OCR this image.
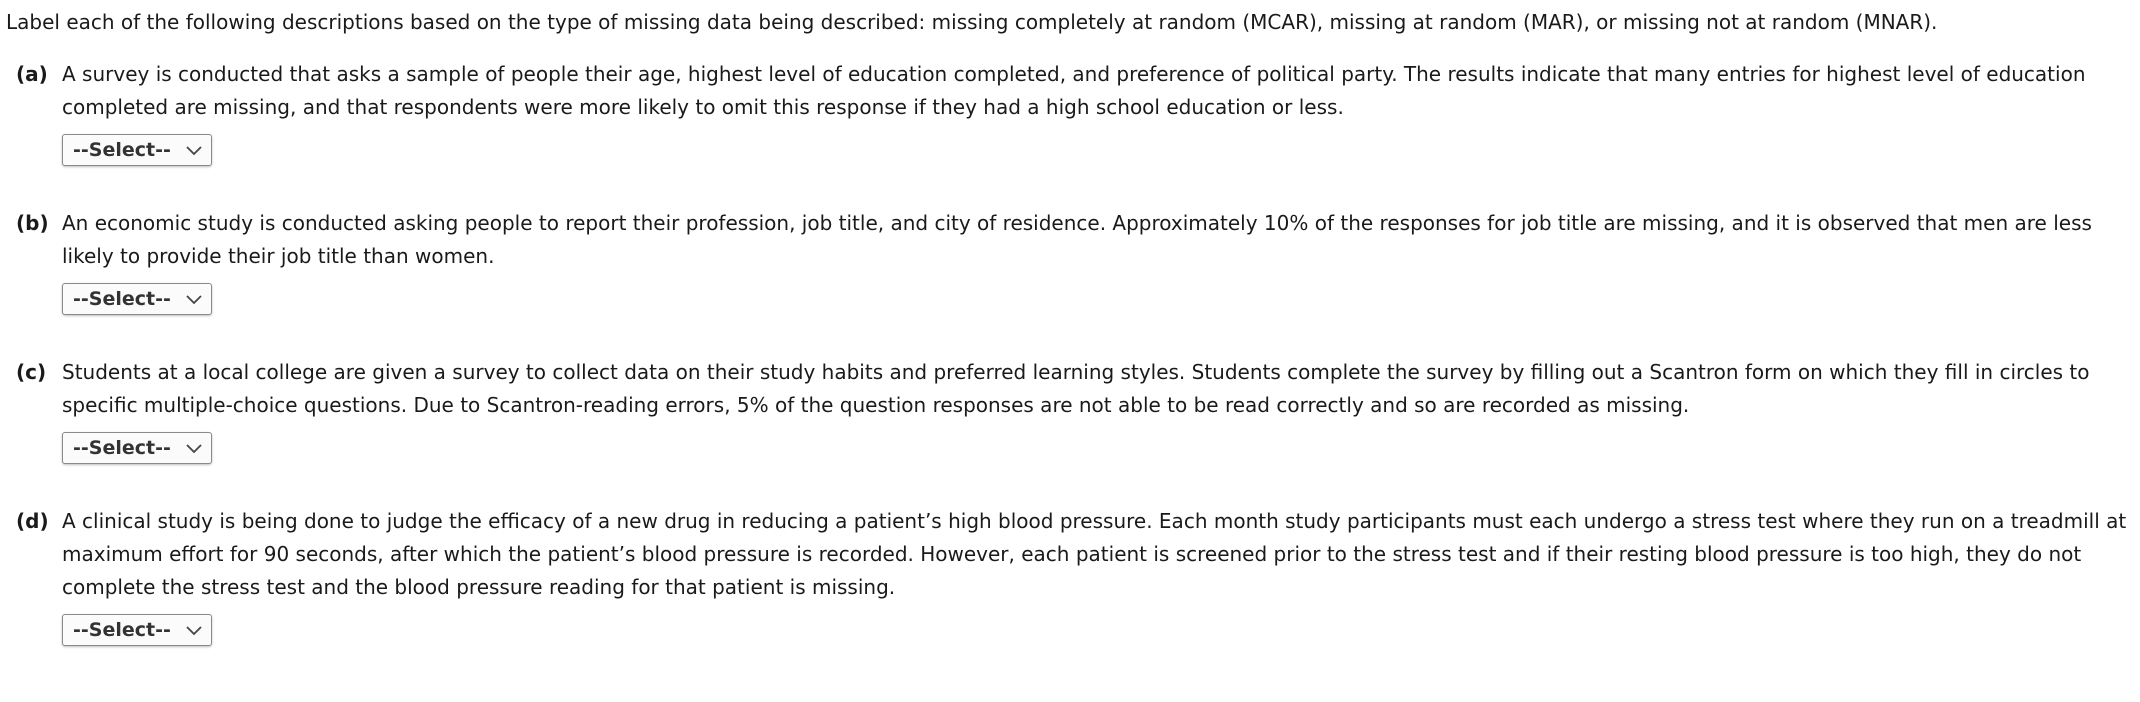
Label each of the following descriptions based on the type of missing data being described: missing completely at random (MCAR), missing at random (MAR), or missing not at random (MNAR).

(a) A survey is conducted that asks a sample of people their age, highest level of education completed, and preference of political party. The results indicate that many entries for highest level of education completed are missing, and that respondents were more likely to omit this response if they had a high school education or less.

--Select--
(b) An economic study is conducted asking people to report their profession, job title, and city of residence. Approximately 10% of the responses for job title are missing, and it is observed that men are less likely to provide their job title than women.

--Select--
(c) Students at a local college are given a survey to collect data on their study habits and preferred learning styles. Students complete the survey by filling out a Scantron form on which they fill in circles to specific multiple-choice questions. Due to Scantron-reading errors, 5% of the question responses are not able to be read correctly and so are recorded as missing.

--Select--
(d) A clinical study is being done to judge the efficacy of a new drug in reducing a patient’s high blood pressure. Each month study participants must each undergo a stress test where they run on a treadmill at maximum effort for 90 seconds, after which the patient’s blood pressure is recorded. However, each patient is screened prior to the stress test and if their resting blood pressure is too high, they do not complete the stress test and the blood pressure reading for that patient is missing.

--Select--
